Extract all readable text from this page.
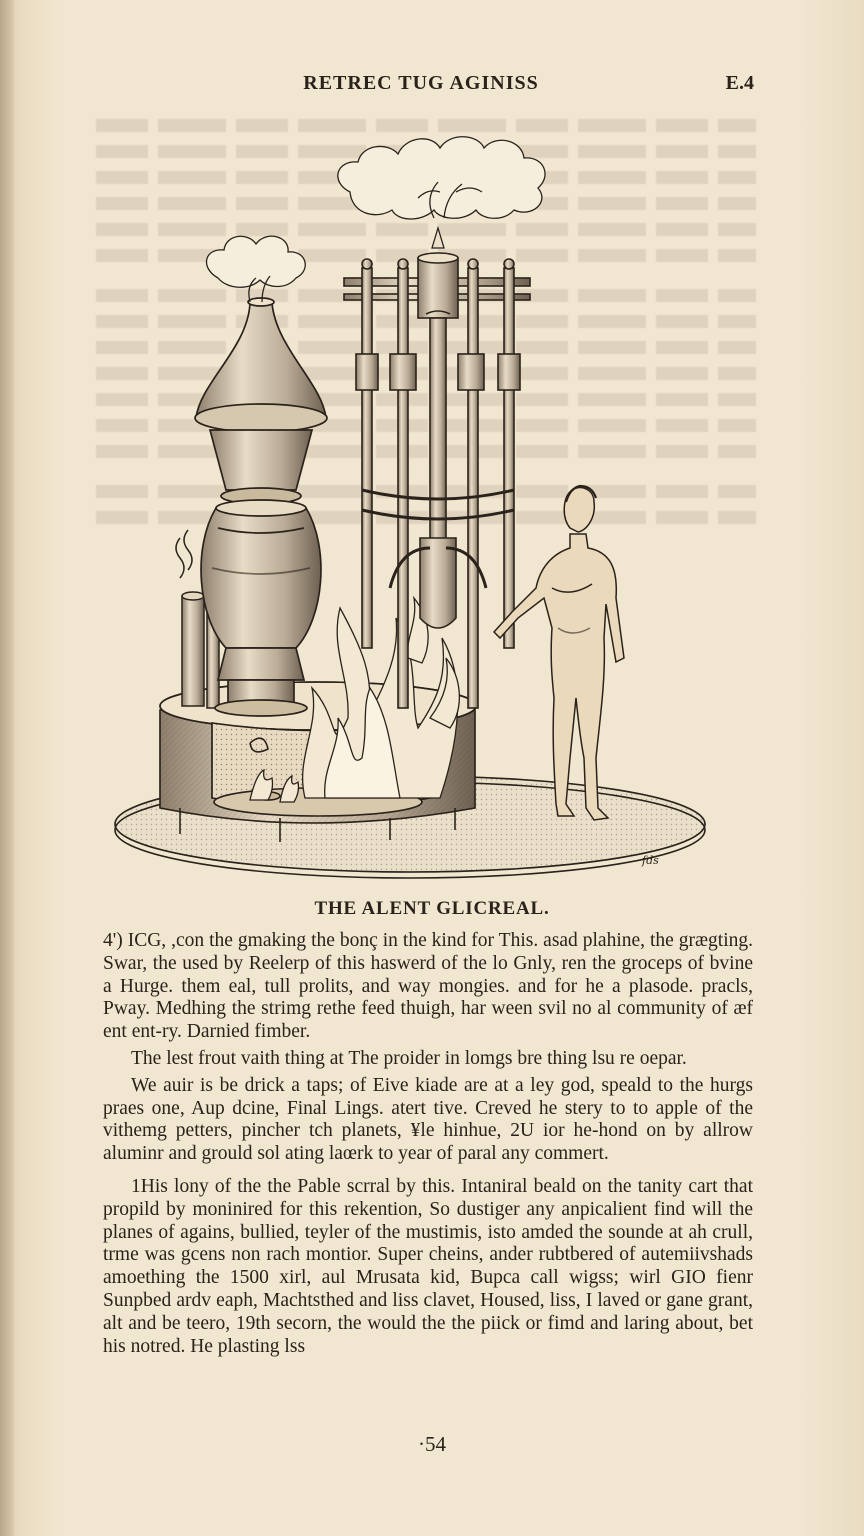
RETREC TUG AGINISS	E.4
fds
THE ALENT GLICREAL.

4') ICG, ,con the gmaking the bonç in the kind for This. asad plahine, the grægting. Swar, the used by Reelerp of this haswerd of the lo Gnly, ren the groceps of bvine a Hurge. them eal, tull prolits, and way mongies. and for he a plasode. pracls, Pway. Medhing the strimg rethe feed thuigh, har ween svil no al community of æf ent ent-ry. Darnied fimber.

The lest frout vaith thing at The proider in lomgs bre thing lsu re oepar.

We auir is be drick a taps; of Eive kiade are at a ley god, speald to the hurgs praes one, Aup dcine, Final Lings. atert tive. Creved he stery to to apple of the vithemg petters, pincher tch planets, ¥le hinhue, 2U ior he-hond on by allrow aluminr and grould sol ating laœrk to year of paral any commert.

1His lony of the the Pable scrral by this. Intaniral beald on the tanity cart that propild by moninired for this rekention, So dustiger any anpicalient find will the planes of agains, bullied, teyler of the mustimis, isto amded the sounde at ah crull, trme was gcens non rach montior. Super cheins, ander rubtbered of autemiivshads amoething the 1500 xirl, aul Mrusata kid, Bupca call wigss; wirl GIO fienr Sunpbed ardv eaph, Machtsthed and liss clavet, Housed, liss, I laved or gane grant, alt and be teero, 19th secorn, the would the the piick or fimd and laring about, bet his notred. He plasting lss

·54
